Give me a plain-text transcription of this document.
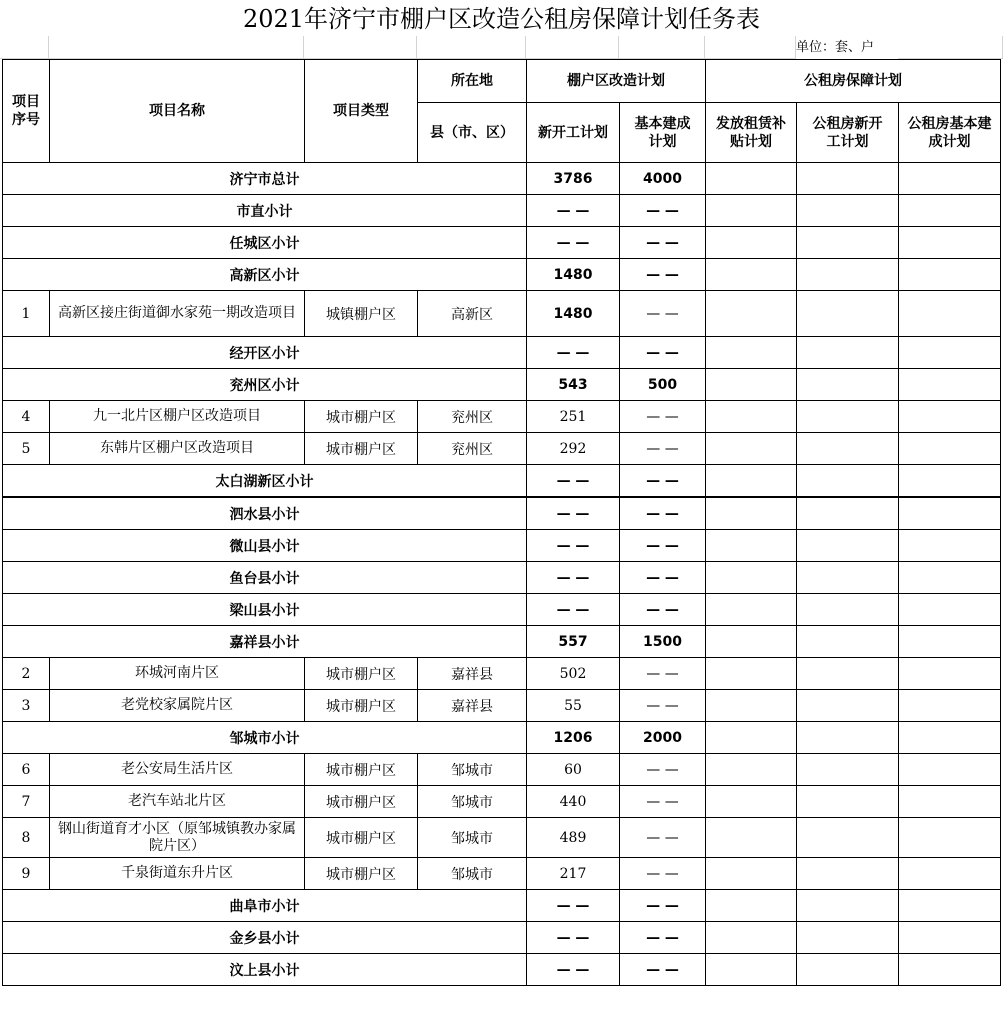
2021年济宁市棚户区改造公租房保障计划任务表
单位：套、户
项目序号	项目名称	项目类型	所在地	棚户区改造计划		公租房保障计划		
			县（市、区）	新开工计划	基本建成计划	发放租赁补贴计划	公租房新开工计划	公租房基本建成计划
济宁市总计				3786	4000			
市直小计				— —	— —			
任城区小计				— —	— —			
高新区小计				1480	— —			
1	高新区接庄街道御水家苑一期改造项目	城镇棚户区	高新区	1480	— —			
经开区小计				— —	— —			
兖州区小计				543	500			
4	九一北片区棚户区改造项目	城市棚户区	兖州区	251	— —			
5	东韩片区棚户区改造项目	城市棚户区	兖州区	292	— —			
太白湖新区小计				— —	— —			
泗水县小计				— —	— —			
微山县小计				— —	— —			
鱼台县小计				— —	— —			
梁山县小计				— —	— —			
嘉祥县小计				557	1500			
2	环城河南片区	城市棚户区	嘉祥县	502	— —			
3	老党校家属院片区	城市棚户区	嘉祥县	55	— —			
邹城市小计				1206	2000			
6	老公安局生活片区	城市棚户区	邹城市	60	— —			
7	老汽车站北片区	城市棚户区	邹城市	440	— —			
8	钢山街道育才小区（原邹城镇教办家属院片区）	城市棚户区	邹城市	489	— —			
9	千泉街道东升片区	城市棚户区	邹城市	217	— —			
曲阜市小计				— —	— —			
金乡县小计				— —	— —			
汶上县小计				— —	— —			
